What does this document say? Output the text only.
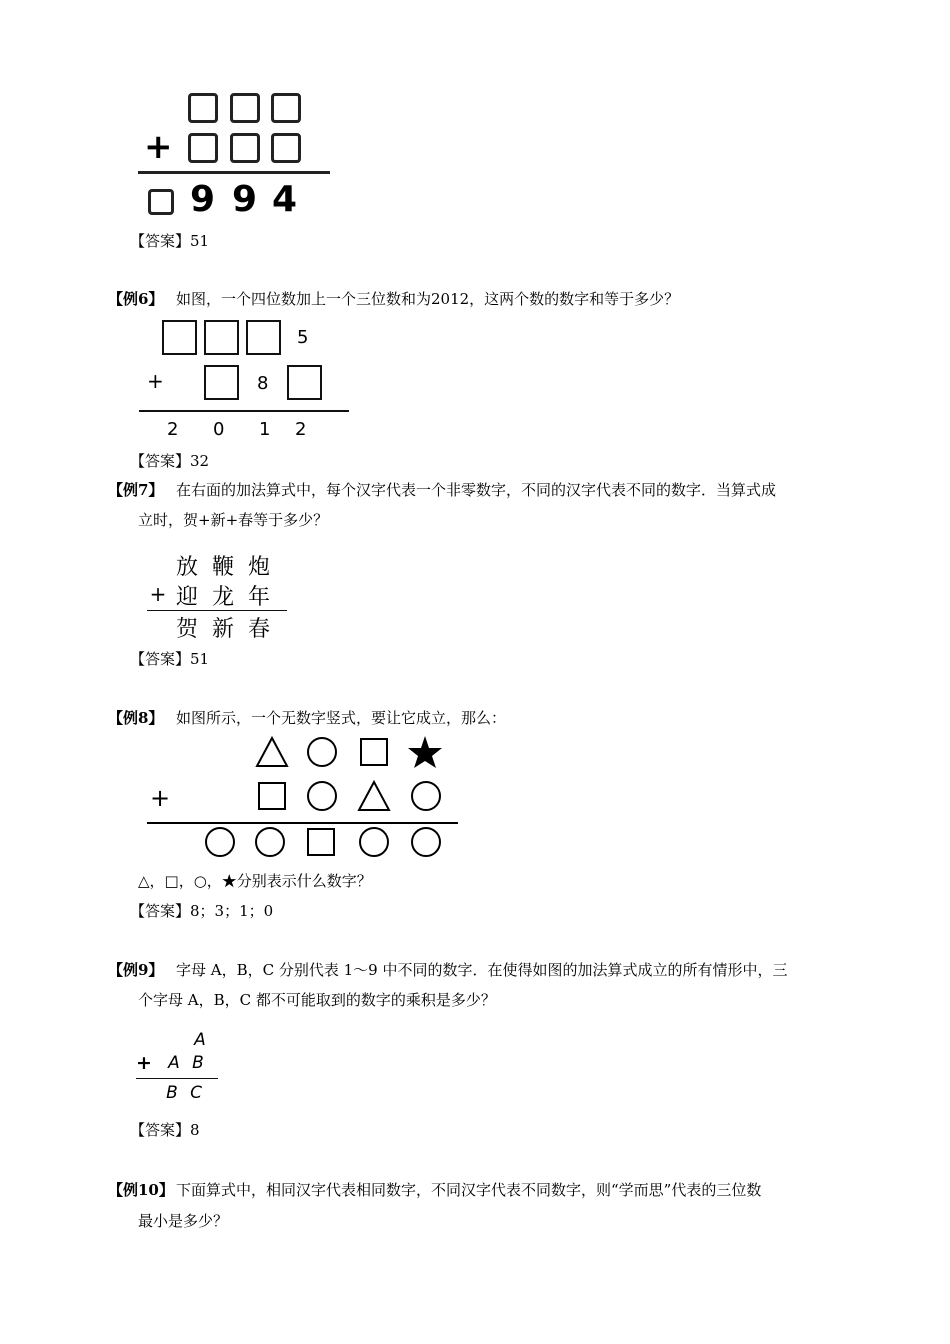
+
9 9 4
【答案】51
【例6】 如图，一个四位数加上一个三位数和为2012，这两个数的数字和等于多少？
5
+	8
2 0 1 2
【答案】32
【例7】 在右面的加法算式中，每个汉字代表一个非零数字，不同的汉字代表不同的数字．当算式成
立时，贺+新+春等于多少？
放 鞭 炮
+ 迎 龙 年
贺 新 春
【答案】51
【例8】 如图所示，一个无数字竖式，要让它成立，那么：
+
△，□，○，★分别表示什么数字？
【答案】8；3；1；0
【例9】 字母 A，B，C 分别代表 1～9 中不同的数字．在使得如图的加法算式成立的所有情形中，三
个字母 A，B，C 都不可能取到的数字的乘积是多少？
A
+ A B
B C
【答案】8
【例10】 下面算式中，相同汉字代表相同数字，不同汉字代表不同数字，则“学而思”代表的三位数
最小是多少？
